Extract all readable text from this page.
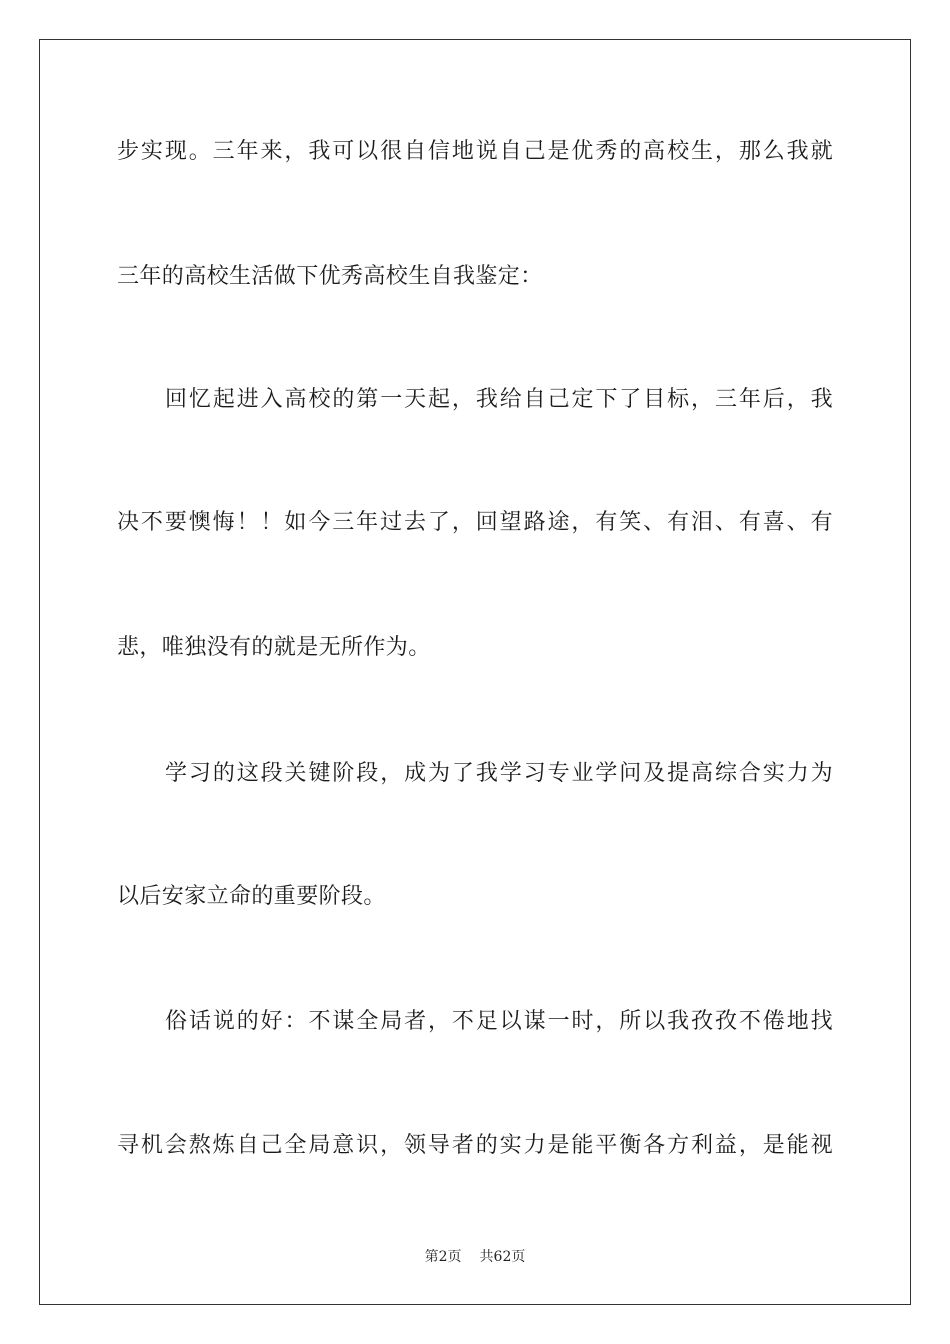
步实现。三年来，我可以很自信地说自己是优秀的高校生，那么我就
三年的高校生活做下优秀高校生自我鉴定：
回忆起进入高校的第一天起，我给自己定下了目标，三年后，我
决不要懊悔！！如今三年过去了，回望路途，有笑、有泪、有喜、有
悲，唯独没有的就是无所作为。
学习的这段关键阶段，成为了我学习专业学问及提高综合实力为
以后安家立命的重要阶段。
俗话说的好：不谋全局者，不足以谋一时，所以我孜孜不倦地找
寻机会熬炼自己全局意识，领导者的实力是能平衡各方利益，是能视
第2页 共62页
